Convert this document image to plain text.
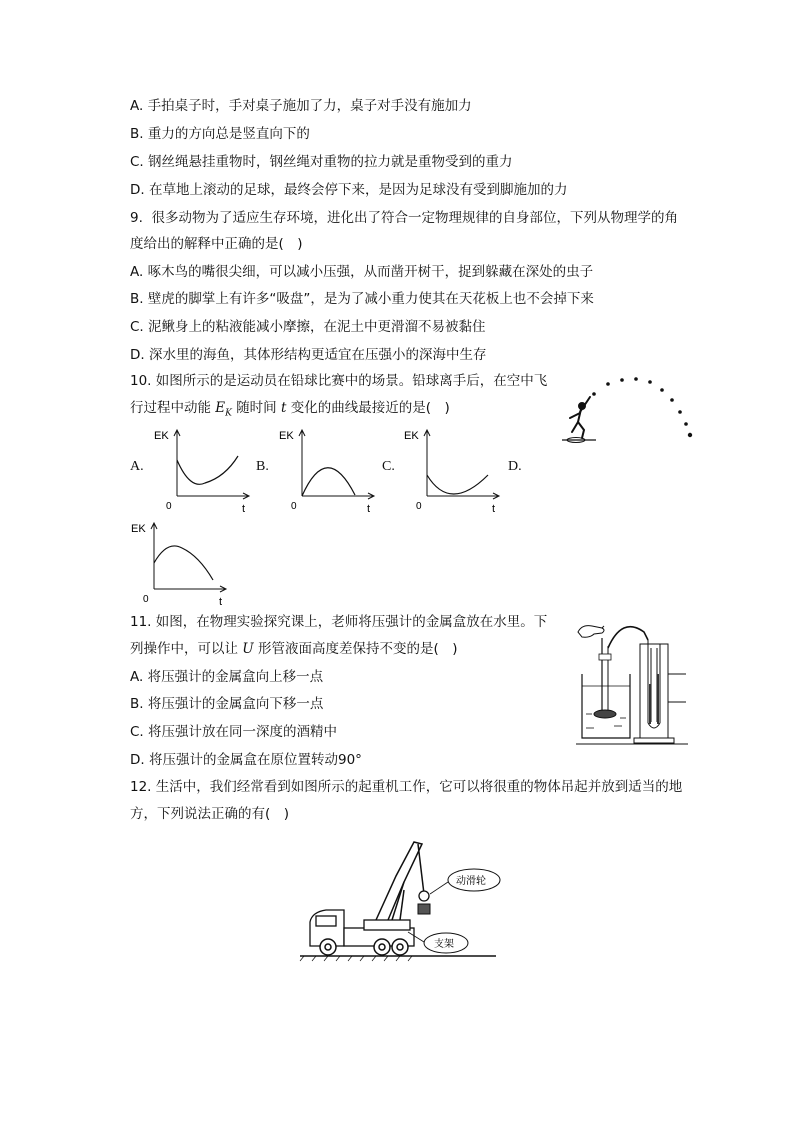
A. 手拍桌子时，手对桌子施加了力，桌子对手没有施加力
B. 重力的方向总是竖直向下的
C. 钢丝绳悬挂重物时，钢丝绳对重物的拉力就是重物受到的重力
D. 在草地上滚动的足球，最终会停下来，是因为足球没有受到脚施加的力
9. 很多动物为了适应生存环境，进化出了符合一定物理规律的自身部位，下列从物理学的角
度给出的解释中正确的是(　)
A. 啄木鸟的嘴很尖细，可以减小压强，从而凿开树干，捉到躲藏在深处的虫子
B. 壁虎的脚掌上有许多“吸盘”，是为了减小重力使其在天花板上也不会掉下来
C. 泥鳅身上的粘液能减小摩擦，在泥土中更滑溜不易被黏住
D. 深水里的海鱼，其体形结构更适宜在压强小的深海中生存
10. 如图所示的是运动员在铅球比赛中的场景。铅球离手后，在空中飞
行过程中动能 $E_K$ 随时间 t 变化的曲线最接近的是(　)
A.
EK
0	t
B.
EK
0	t
C.
EK
0	t
D.
EK
0	t
11. 如图，在物理实验探究课上，老师将压强计的金属盒放在水里。下
列操作中，可以让 U 形管液面高度差保持不变的是(　)
A. 将压强计的金属盒向上移一点
B. 将压强计的金属盒向下移一点
C. 将压强计放在同一深度的酒精中
D. 将压强计的金属盒在原位置转动90°
12. 生活中，我们经常看到如图所示的起重机工作，它可以将很重的物体吊起并放到适当的地
方，下列说法正确的有(　)
动滑轮
支架
